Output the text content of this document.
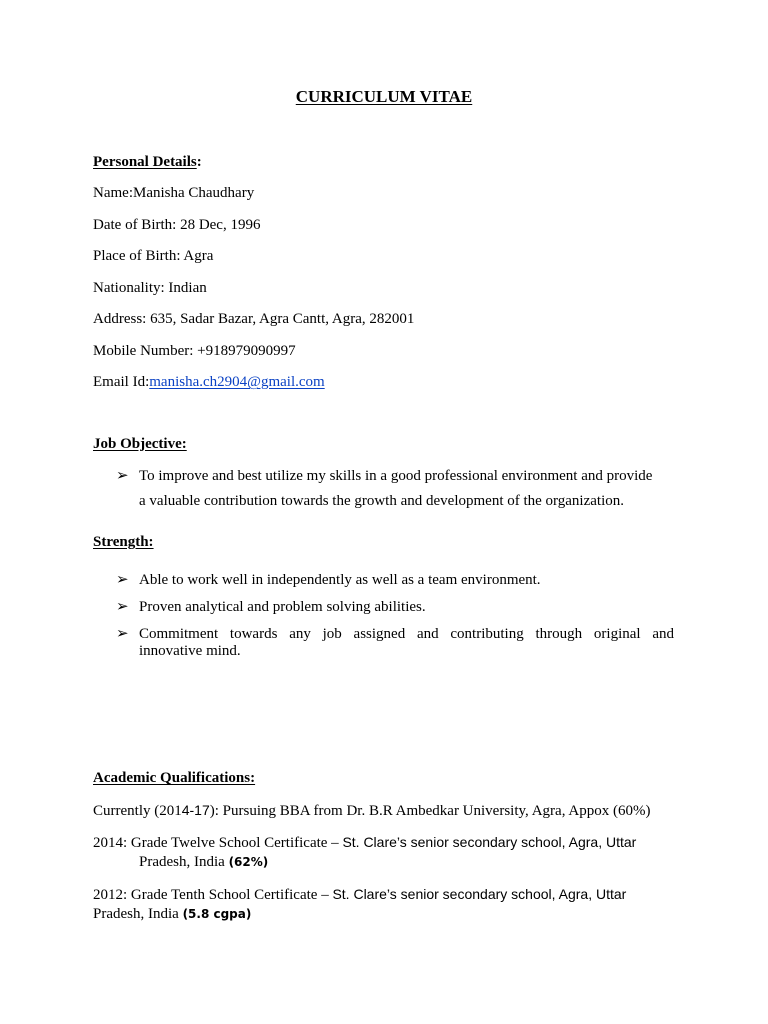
CURRICULUM VITAE
Personal Details:
Name:Manisha Chaudhary
Date of Birth: 28 Dec, 1996
Place of Birth: Agra
Nationality: Indian
Address: 635, Sadar Bazar, Agra Cantt, Agra, 282001
Mobile Number: +918979090997
Email Id:manisha.ch2904@gmail.com
Job Objective:
➢ To improve and best utilize my skills in a good professional environment and provide
a valuable contribution towards the growth and development of the organization.
Strength:
➢ Able to work well in independently as well as a team environment.
➢ Proven analytical and problem solving abilities.
➢ Commitment towards any job assigned and contributing through original and
innovative mind.
Academic Qualifications:
Currently (2014-17): Pursuing BBA from Dr. B.R Ambedkar University, Agra, Appox (60%)
2014: Grade Twelve School Certificate – St. Clare’s senior secondary school, Agra, Uttar
Pradesh, India (62%)
2012: Grade Tenth School Certificate – St. Clare’s senior secondary school, Agra, Uttar
Pradesh, India (5.8 cgpa)
